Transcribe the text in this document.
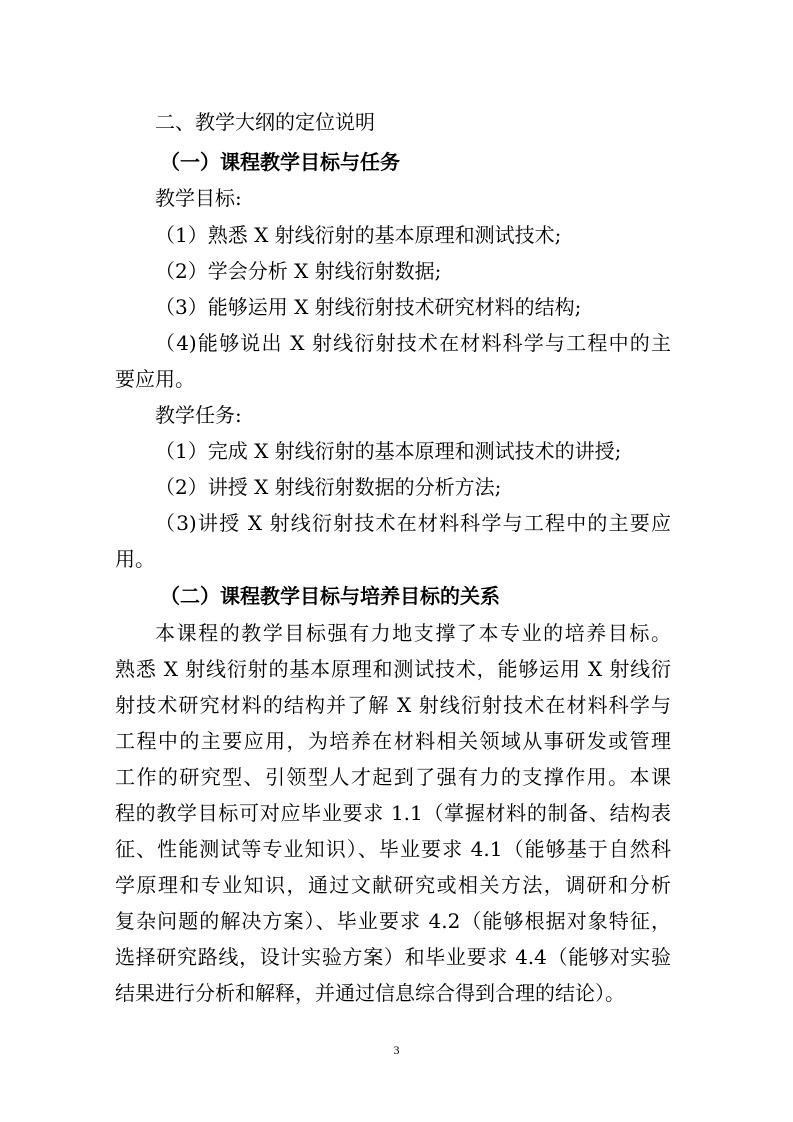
二、教学大纲的定位说明
（一）课程教学目标与任务
教学目标:
（1）熟悉 X 射线衍射的基本原理和测试技术;
（2）学会分析 X 射线衍射数据;
（3）能够运用 X 射线衍射技术研究材料的结构;
（4)能够说出 X 射线衍射技术在材料科学与工程中的主
要应用。
教学任务:
（1）完成 X 射线衍射的基本原理和测试技术的讲授;
（2）讲授 X 射线衍射数据的分析方法;
（3)讲授 X 射线衍射技术在材料科学与工程中的主要应
用。
（二）课程教学目标与培养目标的关系
本课程的教学目标强有力地支撑了本专业的培养目标。
熟悉 X 射线衍射的基本原理和测试技术，能够运用 X 射线衍
射技术研究材料的结构并了解 X 射线衍射技术在材料科学与
工程中的主要应用，为培养在材料相关领域从事研发或管理
工作的研究型、引领型人才起到了强有力的支撑作用。本课
程的教学目标可对应毕业要求 1.1（掌握材料的制备、结构表
征、性能测试等专业知识）、毕业要求 4.1（能够基于自然科
学原理和专业知识，通过文献研究或相关方法，调研和分析
复杂问题的解决方案）、毕业要求 4.2（能够根据对象特征，
选择研究路线，设计实验方案）和毕业要求 4.4（能够对实验
结果进行分析和解释，并通过信息综合得到合理的结论）。
3
